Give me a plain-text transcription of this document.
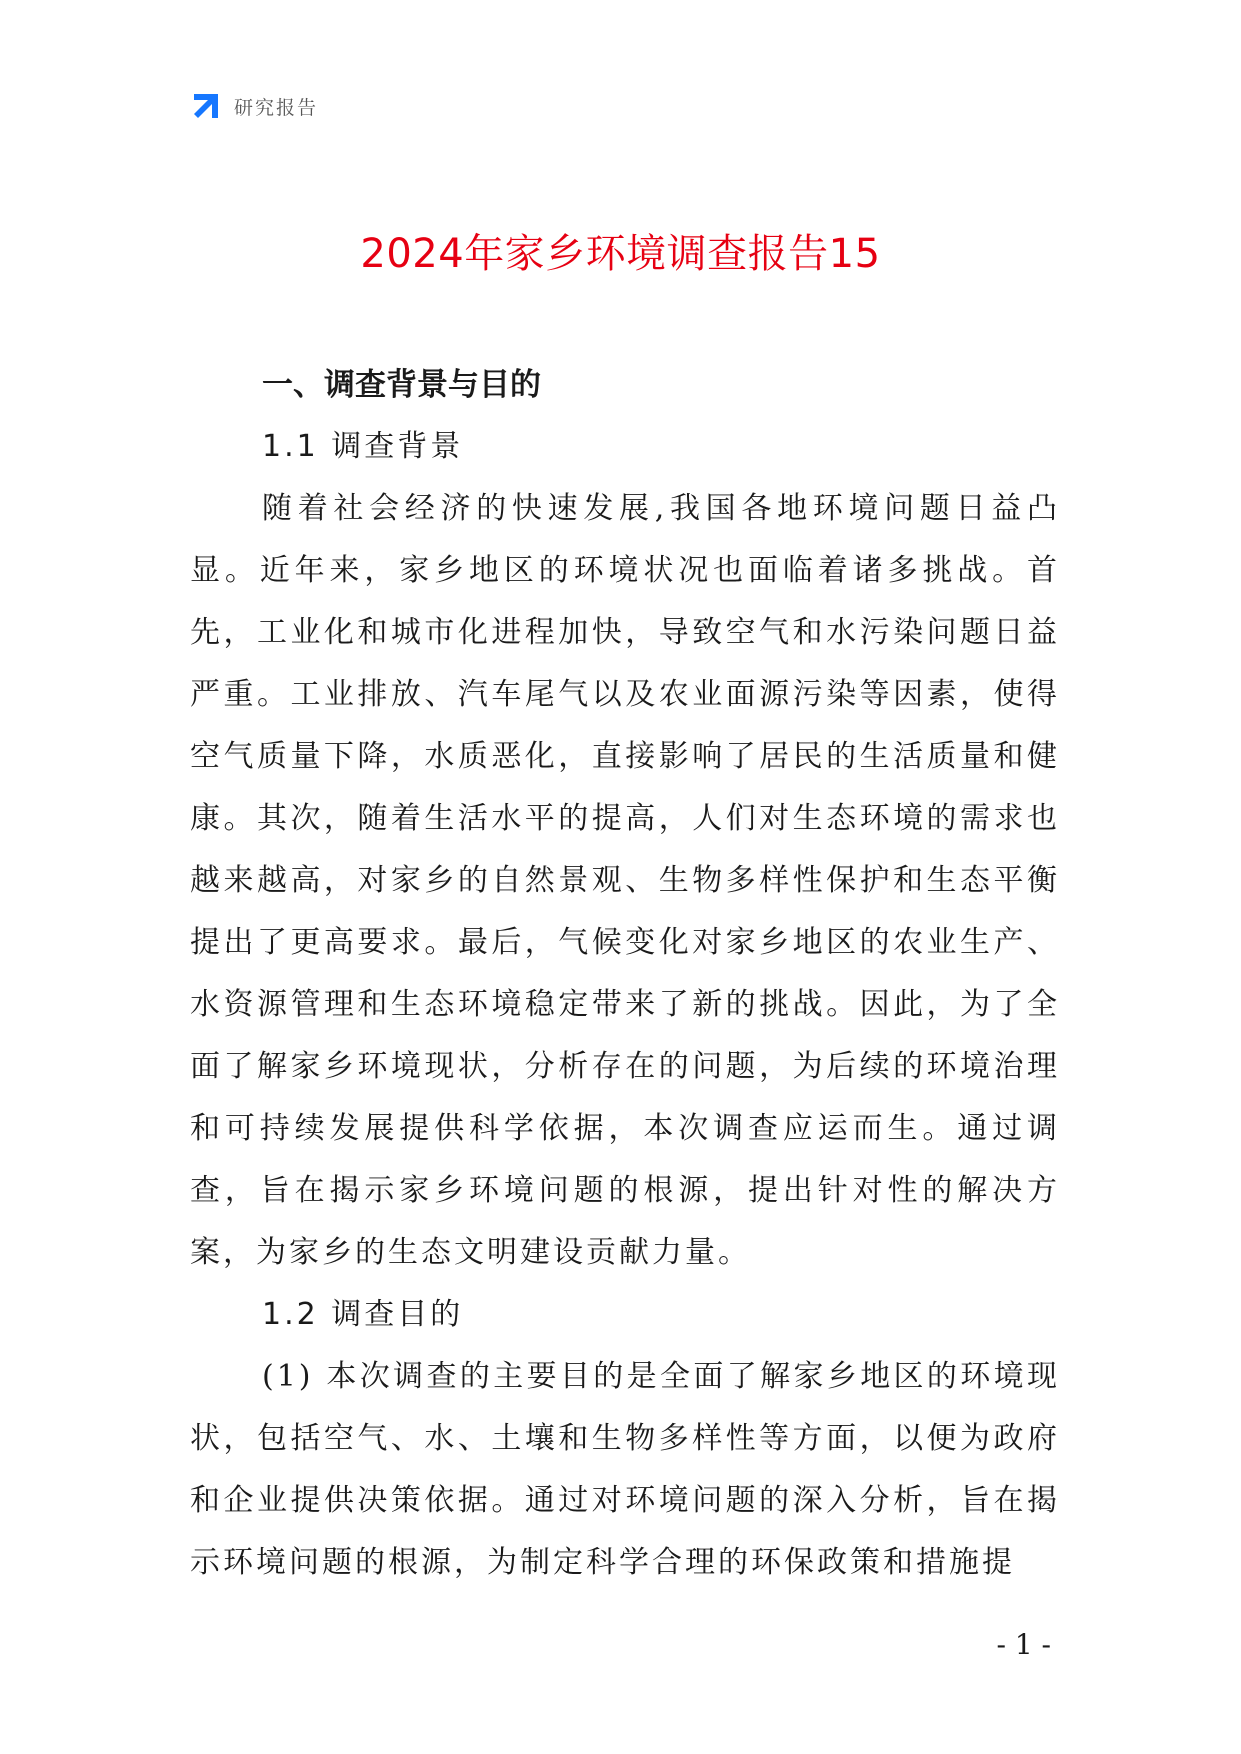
研究报告
2024年家乡环境调查报告15
一、调查背景与目的
1.1 调查背景

随着社会经济的快速发展,我国各地环境问题日益凸显。近年来，家乡地区的环境状况也面临着诸多挑战。首先，工业化和城市化进程加快，导致空气和水污染问题日益严重。工业排放、汽车尾气以及农业面源污染等因素，使得空气质量下降，水质恶化，直接影响了居民的生活质量和健康。其次，随着生活水平的提高，人们对生态环境的需求也越来越高，对家乡的自然景观、生物多样性保护和生态平衡提出了更高要求。最后，气候变化对家乡地区的农业生产、水资源管理和生态环境稳定带来了新的挑战。因此，为了全面了解家乡环境现状，分析存在的问题，为后续的环境治理和可持续发展提供科学依据，本次调查应运而生。通过调查，旨在揭示家乡环境问题的根源，提出针对性的解决方案，为家乡的生态文明建设贡献力量。

1.2 调查目的

(1) 本次调查的主要目的是全面了解家乡地区的环境现状，包括空气、水、土壤和生物多样性等方面，以便为政府和企业提供决策依据。通过对环境问题的深入分析，旨在揭示环境问题的根源，为制定科学合理的环保政策和措施提

- 1 -
